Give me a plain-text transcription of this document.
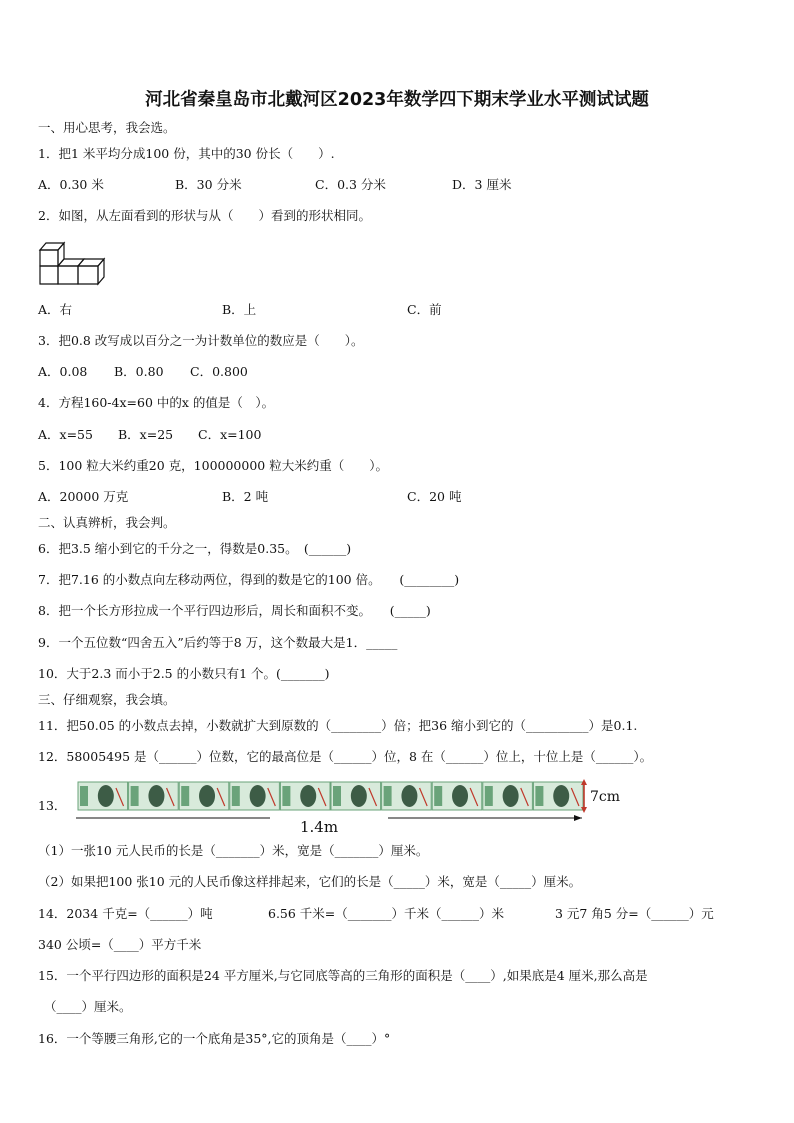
河北省秦皇岛市北戴河区2023年数学四下期末学业水平测试试题
一、用心思考，我会选。
1．把1 米平均分成100 份，其中的30 份长（　　）.
A．0.30 米	B．30 分米	C．0.3 分米	D．3 厘米
2．如图，从左面看到的形状与从（　　）看到的形状相同。
A．右	B．上	C．前
3．把0.8 改写成以百分之一为计数单位的数应是（　　）。
A．0.08 B．0.80 C．0.800
4．方程160-4x=60 中的x 的值是（　）。
A．x=55 B．x=25 C．x=100
5．100 粒大米约重20 克，100000000 粒大米约重（　　）。
A．20000 万克	B．2 吨	C．20 吨
二、认真辨析，我会判。
6．把3.5 缩小到它的千分之一，得数是0.35。　(______)
7．把7.16 的小数点向左移动两位，得到的数是它的100 倍。　　(________)
8．把一个长方形拉成一个平行四边形后，周长和面积不变。　　(_____)
9．一个五位数“四舍五入”后约等于8 万，这个数最大是1．_____
10．大于2.3 而小于2.5 的小数只有1 个。(_______)
三、仔细观察，我会填。
11．把50.05 的小数点去掉，小数就扩大到原数的（________）倍；把36 缩小到它的（__________）是0.1.
12．58005495 是（______）位数，它的最高位是（______）位，8 在（______）位上，十位上是（______）。
13．
7cm
1.4m
（1）一张10 元人民币的长是（_______）米，宽是（_______）厘米。
（2）如果把100 张10 元的人民币像这样排起来，它们的长是（_____）米，宽是（_____）厘米。
14．2034 千克=（______）吨	6.56 千米=（_______）千米（______）米	3 元7 角5 分=（______）元
340 公顷=（____）平方千米
15．一个平行四边形的面积是24 平方厘米,与它同底等高的三角形的面积是（____）,如果底是4 厘米,那么高是
（____）厘米。
16．一个等腰三角形,它的一个底角是35°,它的顶角是（____）°
